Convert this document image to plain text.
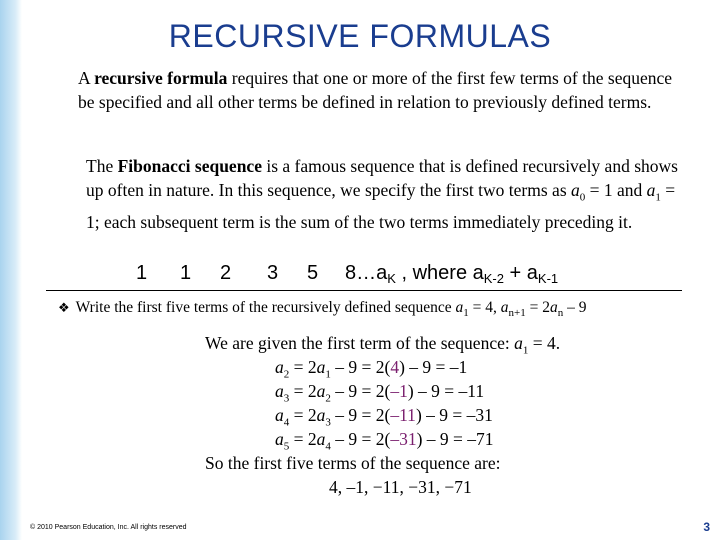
RECURSIVE FORMULAS
A recursive formula requires that one or more of the first few terms of the sequence be specified and all other terms be defined in relation to previously defined terms.
The Fibonacci sequence is a famous sequence that is defined recursively and shows up often in nature. In this sequence, we specify the first two terms as $a_0 = 1$ and $a_1 = 1$; each subsequent term is the sum of the two terms immediately preceding it.
1 1 2 3 5 $8\dots a_K$ , where $a_{K-2} + a_{K-1}$
❖ Write the first five terms of the recursively defined sequence $a_1 = 4$, $a_{n+1} = 2a_n - 9$
We are given the first term of the sequence: $a_1 = 4$.
$a_2 = 2a_1 - 9 = 2(4) - 9 = -1$
$a_3 = 2a_2 - 9 = 2(-1) - 9 = -11$
$a_4 = 2a_3 - 9 = 2(-11) - 9 = -31$
$a_5 = 2a_4 - 9 = 2(-31) - 9 = -71$
So the first five terms of the sequence are:
4, –1, −11, −31, −71
© 2010 Pearson Education, Inc. All rights reserved	3
